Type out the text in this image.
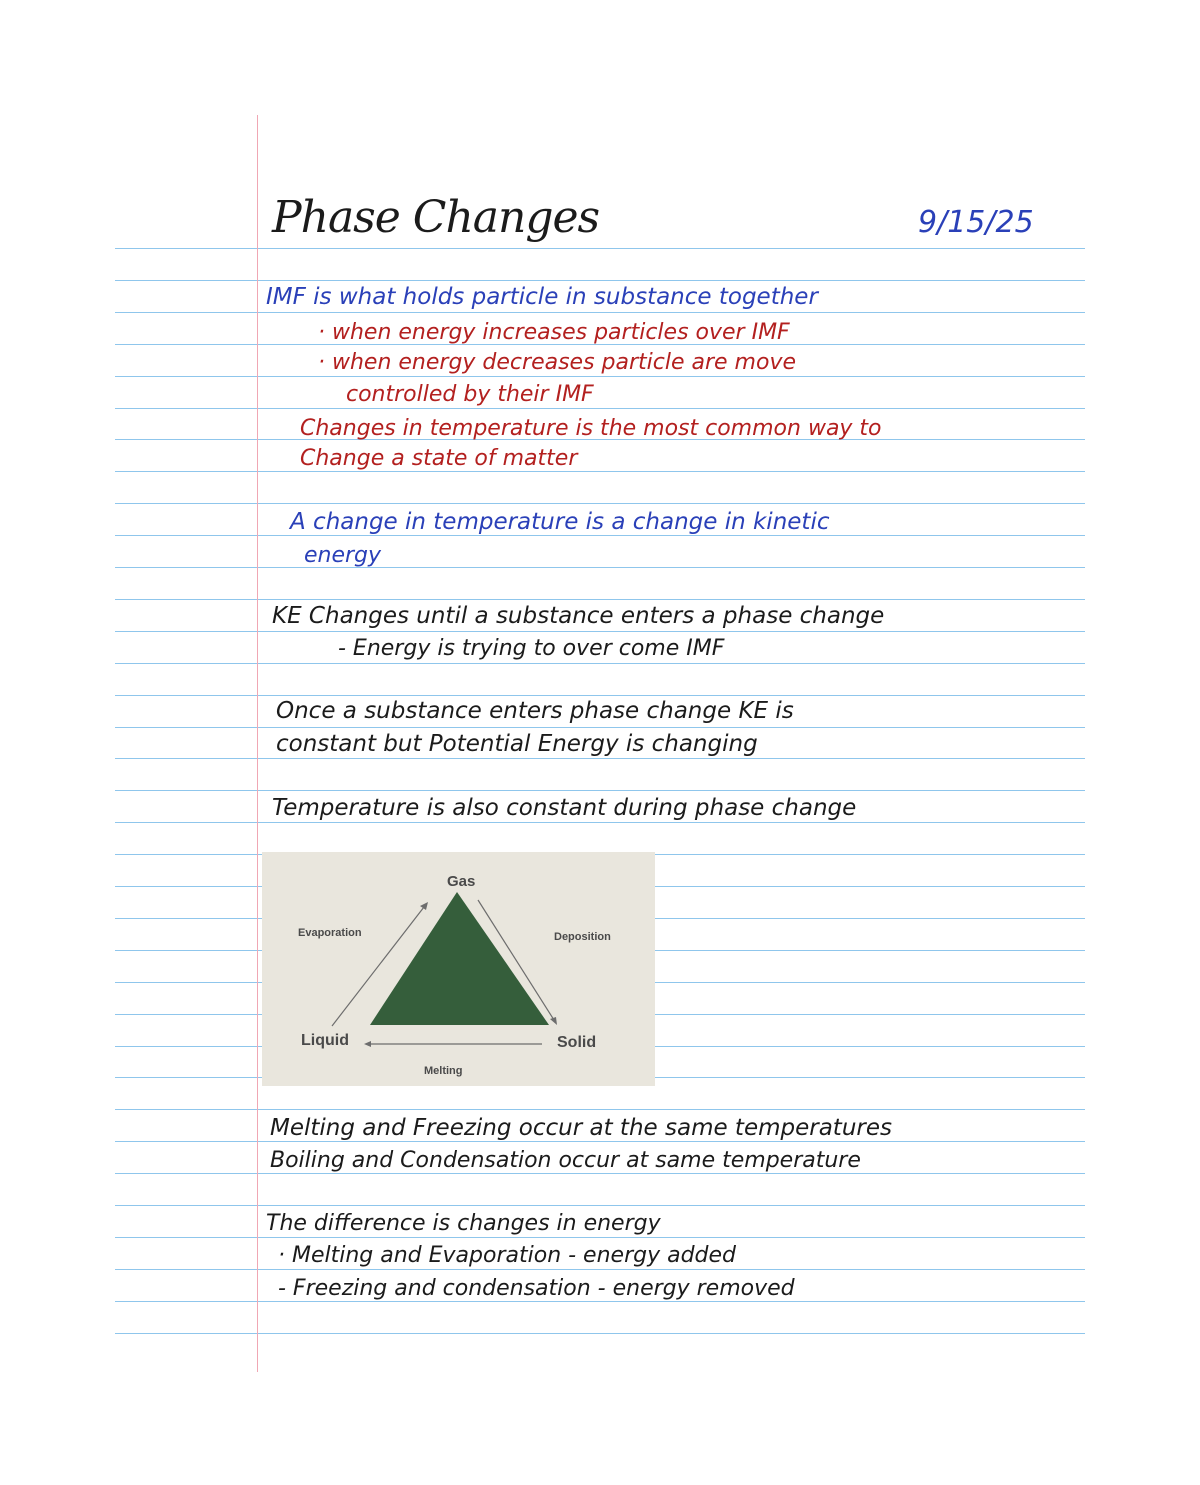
Phase Changes	9/15/25
IMF is what holds particle in substance together
· when energy increases particles over IMF
· when energy decreases particle are move
controlled by their IMF
Changes in temperature is the most common way to
Change a state of matter
A change in temperature is a change in kinetic
energy
KE Changes until a substance enters a phase change
- Energy is trying to over come IMF
Once a substance enters phase change KE is
constant but Potential Energy is changing
Temperature is also constant during phase change
Gas
Evaporation	Deposition
Liquid	Solid
Melting
Melting and Freezing occur at the same temperatures
Boiling and Condensation occur at same temperature
The difference is changes in energy
· Melting and Evaporation - energy added
- Freezing and condensation - energy removed
